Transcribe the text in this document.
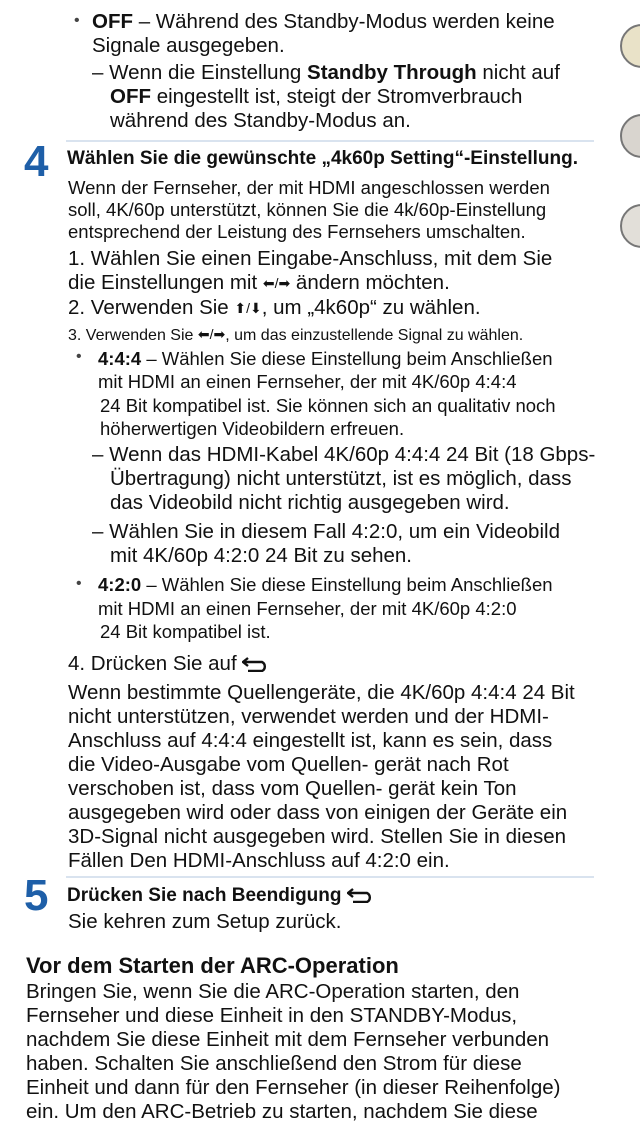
• OFF – Während des Standby-Modus werden keine
Signale ausgegeben.
– Wenn die Einstellung Standby Through nicht auf
OFF eingestellt ist, steigt der Stromverbrauch
während des Standby-Modus an.
4 Wählen Sie die gewünschte „4k60p Setting“-Einstellung.
Wenn der Fernseher, der mit HDMI angeschlossen werden
soll, 4K/60p unterstützt, können Sie die 4k/60p-Einstellung
entsprechend der Leistung des Fernsehers umschalten.
1. Wählen Sie einen Eingabe-Anschluss, mit dem Sie
die Einstellungen mit ⬅/➡ ändern möchten.
2. Verwenden Sie ⬆/⬇, um „4k60p“ zu wählen.
3. Verwenden Sie ⬅/➡, um das einzustellende Signal zu wählen.
• 4:4:4 – Wählen Sie diese Einstellung beim Anschließen
mit HDMI an einen Fernseher, der mit 4K/60p 4:4:4
24 Bit kompatibel ist. Sie können sich an qualitativ noch
höherwertigen Videobildern erfreuen.
– Wenn das HDMI-Kabel 4K/60p 4:4:4 24 Bit (18 Gbps-
Übertragung) nicht unterstützt, ist es möglich, dass
das Videobild nicht richtig ausgegeben wird.
– Wählen Sie in diesem Fall 4:2:0, um ein Videobild
mit 4K/60p 4:2:0 24 Bit zu sehen.
• 4:2:0 – Wählen Sie diese Einstellung beim Anschließen
mit HDMI an einen Fernseher, der mit 4K/60p 4:2:0
24 Bit kompatibel ist.
4. Drücken Sie auf
Wenn bestimmte Quellengeräte, die 4K/60p 4:4:4 24 Bit
nicht unterstützen, verwendet werden und der HDMI-
Anschluss auf 4:4:4 eingestellt ist, kann es sein, dass
die Video-Ausgabe vom Quellen- gerät nach Rot
verschoben ist, dass vom Quellen- gerät kein Ton
ausgegeben wird oder dass von einigen der Geräte ein
3D-Signal nicht ausgegeben wird. Stellen Sie in diesen
Fällen Den HDMI-Anschluss auf 4:2:0 ein.
5 Drücken Sie nach Beendigung
Sie kehren zum Setup zurück.
Vor dem Starten der ARC-Operation
Bringen Sie, wenn Sie die ARC-Operation starten, den
Fernseher und diese Einheit in den STANDBY-Modus,
nachdem Sie diese Einheit mit dem Fernseher verbunden
haben. Schalten Sie anschließend den Strom für diese
Einheit und dann für den Fernseher (in dieser Reihenfolge)
ein. Um den ARC-Betrieb zu starten, nachdem Sie diese
